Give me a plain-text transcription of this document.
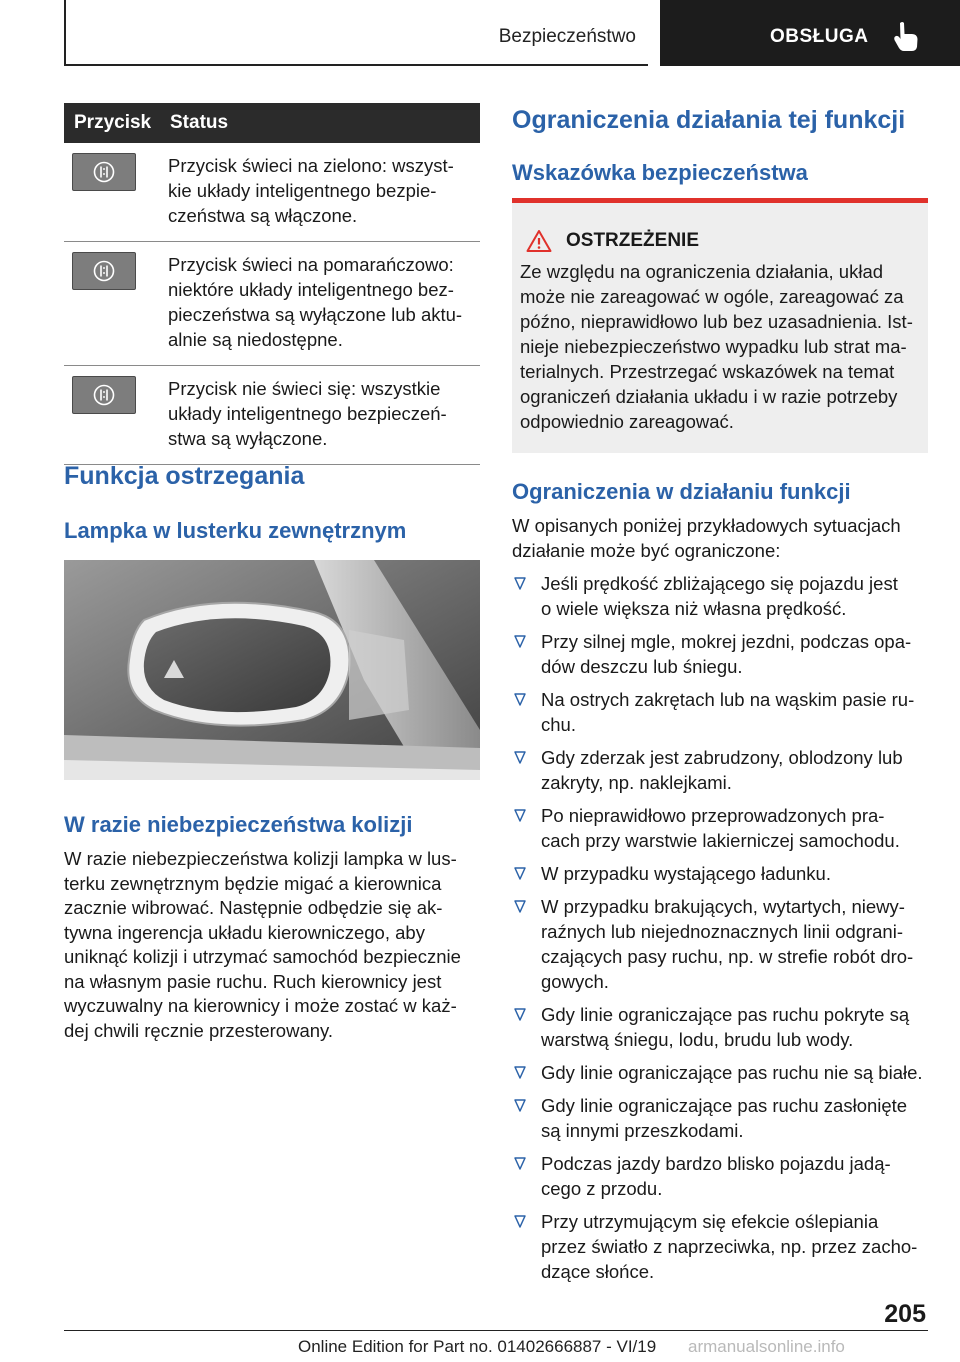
Bezpieczeństwo	OBSŁUGA
Przycisk	Status

Przycisk świeci na zielono: wszyst-
kie układy inteligentnego bezpie-
czeństwa są włączone.

Przycisk świeci na pomarańczowo:
niektóre układy inteligentnego bez-
pieczeństwa są wyłączone lub aktu-
alnie są niedostępne.

Przycisk nie świeci się: wszystkie
układy inteligentnego bezpieczeń-
stwa są wyłączone.
Funkcja ostrzegania
Lampka w lusterku zewnętrznym
W razie niebezpieczeństwa kolizji
W razie niebezpieczeństwa kolizji lampka w lus-
terku zewnętrznym będzie migać a kierownica
zacznie wibrować. Następnie odbędzie się ak-
tywna ingerencja układu kierowniczego, aby
uniknąć kolizji i utrzymać samochód bezpiecznie
na własnym pasie ruchu. Ruch kierownicy jest
wyczuwalny na kierownicy i może zostać w każ-
dej chwili ręcznie przesterowany.
Ograniczenia działania tej funkcji
Wskazówka bezpieczeństwa
OSTRZEŻENIE
Ze względu na ograniczenia działania, układ
może nie zareagować w ogóle, zareagować za
późno, nieprawidłowo lub bez uzasadnienia. Ist-
nieje niebezpieczeństwo wypadku lub strat ma-
terialnych. Przestrzegać wskazówek na temat
ograniczeń działania układu i w razie potrzeby
odpowiednio zareagować.
Ograniczenia w działaniu funkcji
W opisanych poniżej przykładowych sytuacjach
działanie może być ograniczone:
Jeśli prędkość zbliżającego się pojazdu jest
o wiele większa niż własna prędkość.
Przy silnej mgle, mokrej jezdni, podczas opa-
dów deszczu lub śniegu.
Na ostrych zakrętach lub na wąskim pasie ru-
chu.
Gdy zderzak jest zabrudzony, oblodzony lub
zakryty, np. naklejkami.
Po nieprawidłowo przeprowadzonych pra-
cach przy warstwie lakierniczej samochodu.
W przypadku wystającego ładunku.
W przypadku brakujących, wytartych, niewy-
raźnych lub niejednoznacznych linii odgrani-
czających pasy ruchu, np. w strefie robót dro-
gowych.
Gdy linie ograniczające pas ruchu pokryte są
warstwą śniegu, lodu, brudu lub wody.
Gdy linie ograniczające pas ruchu nie są białe.
Gdy linie ograniczające pas ruchu zasłonięte
są innymi przeszkodami.
Podczas jazdy bardzo blisko pojazdu jadą-
cego z przodu.
Przy utrzymującym się efekcie oślepiania
przez światło z naprzeciwka, np. przez zacho-
dzące słońce.
205
Online Edition for Part no. 01402666887 - VI/19 armanualsonline.info
